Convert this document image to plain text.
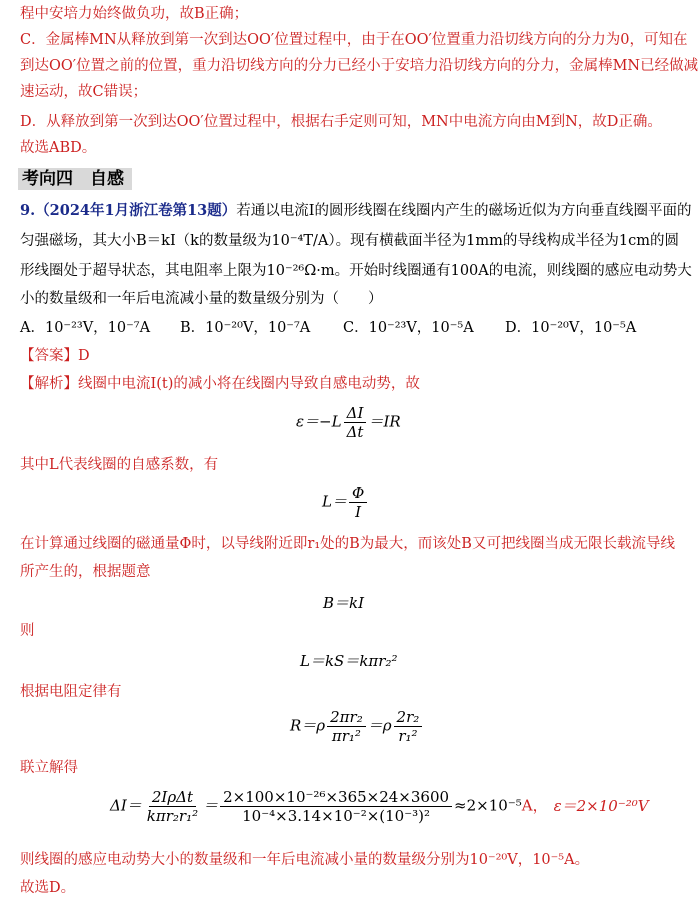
程中安培力始终做负功，故B正确；
C．金属棒MN从释放到第一次到达OO′位置过程中，由于在OO′位置重力沿切线方向的分力为0，可知在
到达OO′位置之前的位置，重力沿切线方向的分力已经小于安培力沿切线方向的分力，金属棒MN已经做减
速运动，故C错误；
D．从释放到第一次到达OO′位置过程中，根据右手定则可知，MN中电流方向由M到N，故D正确。
故选ABD。
考向四　自感
9.（2024年1月浙江卷第13题）若通以电流I的圆形线圈在线圈内产生的磁场近似为方向垂直线圈平面的
匀强磁场，其大小B＝kI（k的数量级为10⁻⁴T/A）。现有横截面半径为1mm的导线构成半径为1cm的圆
形线圈处于超导状态，其电阻率上限为10⁻²⁶Ω·m。开始时线圈通有100A的电流，则线圈的感应电动势大
小的数量级和一年后电流减小量的数量级分别为（　　）
A．10⁻²³V，10⁻⁷A B．10⁻²⁰V，10⁻⁷A C．10⁻²³V，10⁻⁵A D．10⁻²⁰V，10⁻⁵A
【答案】D
【解析】线圈中电流I(t)的减小将在线圈内导致自感电动势，故
$\varepsilon=-L \frac{\Delta I}{\Delta t} =IR$
其中L代表线圈的自感系数，有
$L= \frac{\Phi}{I}$
在计算通过线圈的磁通量Φ时，以导线附近即r₁处的B为最大，而该处B又可把线圈当成无限长载流导线
所产生的，根据题意
B＝kI
则
L＝kS＝kπr₂²
根据电阻定律有
$R=\rho \frac{\text{2πr₂}}{\text{πr₁²}} =\rho \frac{\text{2r₂}}{\text{r₁²}}$
联立解得
$\Delta I= \frac{\text{2IρΔt}}{\text{kπr₂r₁²}} = \frac{\text{2×100×10⁻²⁶×365×24×3600}}{\text{10⁻⁴×3.14×10⁻²×(10⁻³)²}} \approx 2\times 10^{-5}A$， ε＝2×10⁻²⁰V
则线圈的感应电动势大小的数量级和一年后电流减小量的数量级分别为10⁻²⁰V，10⁻⁵A。
故选D。
